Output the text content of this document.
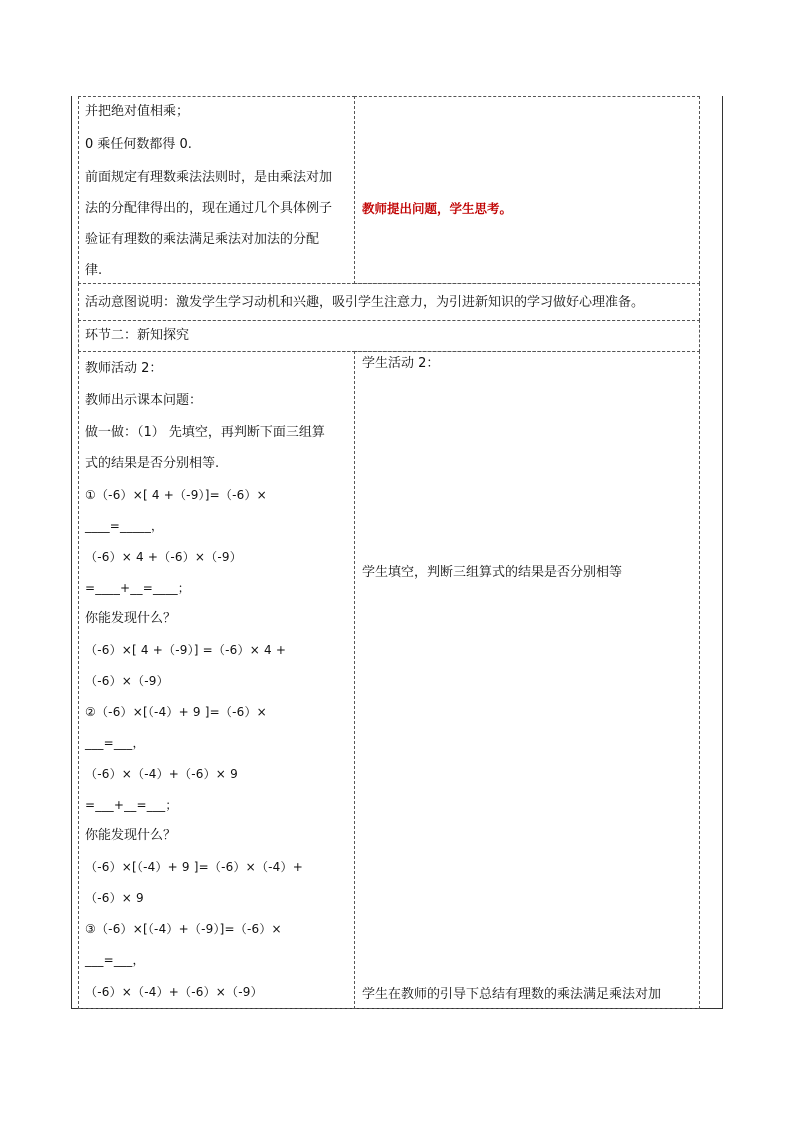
并把绝对值相乘；
0 乘任何数都得 0.
前面规定有理数乘法法则时，是由乘法对加
法的分配律得出的，现在通过几个具体例子
验证有理数的乘法满足乘法对加法的分配
律.
教师提出问题，学生思考。
活动意图说明：激发学生学习动机和兴趣，吸引学生注意力，为引进新知识的学习做好心理准备。
环节二：新知探究
教师活动 2：
教师出示课本问题：
做一做：（1） 先填空，再判断下面三组算
式的结果是否分别相等.
①（-6）×[ 4 +（-9）]=（-6）×
____=_____，
（-6）× 4 +（-6）×（-9）
=____+__=____；
你能发现什么？
（-6）×[ 4 +（-9）] =（-6）× 4 +
（-6）×（-9）
②（-6）×[（-4）+ 9 ]=（-6）×
___=___，
（-6）×（-4）+（-6）× 9
=___+__=___；
你能发现什么？
（-6）×[（-4）+ 9 ]=（-6）×（-4）+
（-6）× 9
③（-6）×[（-4）+（-9）]=（-6）×
___=___，
（-6）×（-4）+（-6）×（-9）
学生活动 2：
学生填空，判断三组算式的结果是否分别相等
学生在教师的引导下总结有理数的乘法满足乘法对加
